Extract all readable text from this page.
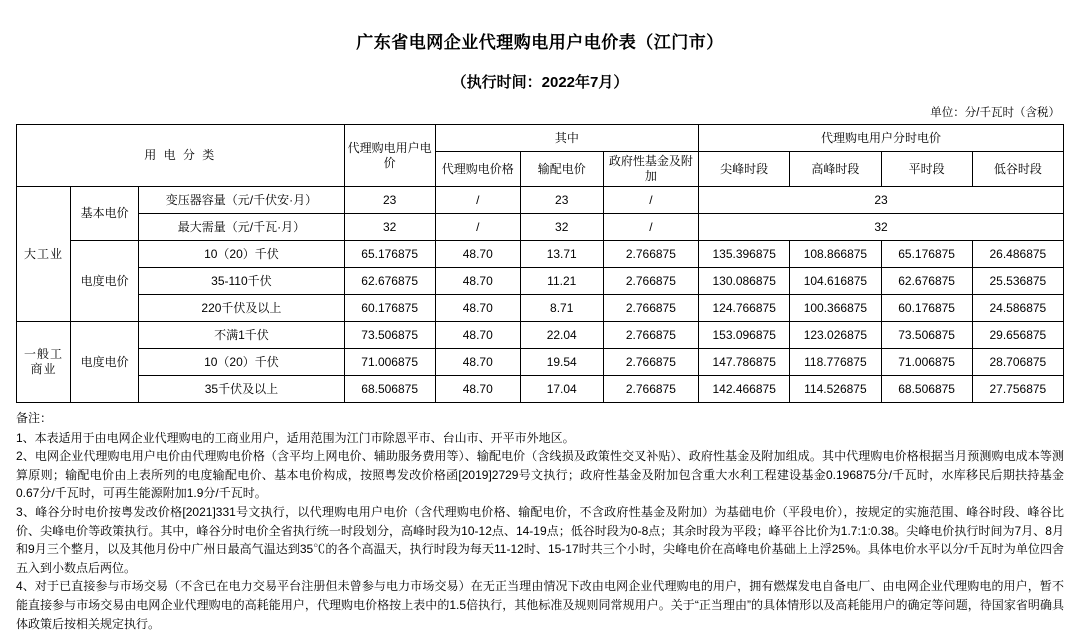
广东省电网企业代理购电用户电价表（江门市）
（执行时间：2022年7月）
单位：分/千瓦时（含税）
用 电 分 类			代理购电用户电价	其中			代理购电用户分时电价			
				代理购电价格	输配电价	政府性基金及附加	尖峰时段	高峰时段	平时段	低谷时段
大工业	基本电价	变压器容量（元/千伏安·月）	23	/	23	/	23			
		最大需量（元/千瓦·月）	32	/	32	/	32			
	电度电价	10（20）千伏	65.176875	48.70	13.71	2.766875	135.396875	108.866875	65.176875	26.486875
		35-110千伏	62.676875	48.70	11.21	2.766875	130.086875	104.616875	62.676875	25.536875
		220千伏及以上	60.176875	48.70	8.71	2.766875	124.766875	100.366875	60.176875	24.586875
一般工商业	电度电价	不满1千伏	73.506875	48.70	22.04	2.766875	153.096875	123.026875	73.506875	29.656875
		10（20）千伏	71.006875	48.70	19.54	2.766875	147.786875	118.776875	71.006875	28.706875
		35千伏及以上	68.506875	48.70	17.04	2.766875	142.466875	114.526875	68.506875	27.756875

备注：

1、本表适用于由电网企业代理购电的工商业用户，适用范围为江门市除恩平市、台山市、开平市外地区。

2、电网企业代理购电用户电价由代理购电价格（含平均上网电价、辅助服务费用等）、输配电价（含线损及政策性交叉补贴）、政府性基金及附加组成。其中代理购电价格根据当月预测购电成本等测算原则；输配电价由上表所列的电度输配电价、基本电价构成，按照粤发改价格函[2019]2729号文执行；政府性基金及附加包含重大水利工程建设基金0.196875分/千瓦时，水库移民后期扶持基金0.67分/千瓦时，可再生能源附加1.9分/千瓦时。

3、峰谷分时电价按粤发改价格[2021]331号文执行，以代理购电用户电价（含代理购电价格、输配电价，不含政府性基金及附加）为基础电价（平段电价），按规定的实施范围、峰谷时段、峰谷比价、尖峰电价等政策执行。其中，峰谷分时电价全省执行统一时段划分，高峰时段为10-12点、14-19点；低谷时段为0-8点；其余时段为平段；峰平谷比价为1.7:1:0.38。尖峰电价执行时间为7月、8月和9月三个整月，以及其他月份中广州日最高气温达到35℃的各个高温天，执行时段为每天11-12时、15-17时共三个小时，尖峰电价在高峰电价基础上上浮25%。具体电价水平以分/千瓦时为单位四舍五入到小数点后两位。

4、对于已直接参与市场交易（不含已在电力交易平台注册但未曾参与电力市场交易）在无正当理由情况下改由电网企业代理购电的用户，拥有燃煤发电自备电厂、由电网企业代理购电的用户，暂不能直接参与市场交易由电网企业代理购电的高耗能用户，代理购电价格按上表中的1.5倍执行，其他标准及规则同常规用户。关于“正当理由”的具体情形以及高耗能用户的确定等问题，待国家省明确具体政策后按相关规定执行。
